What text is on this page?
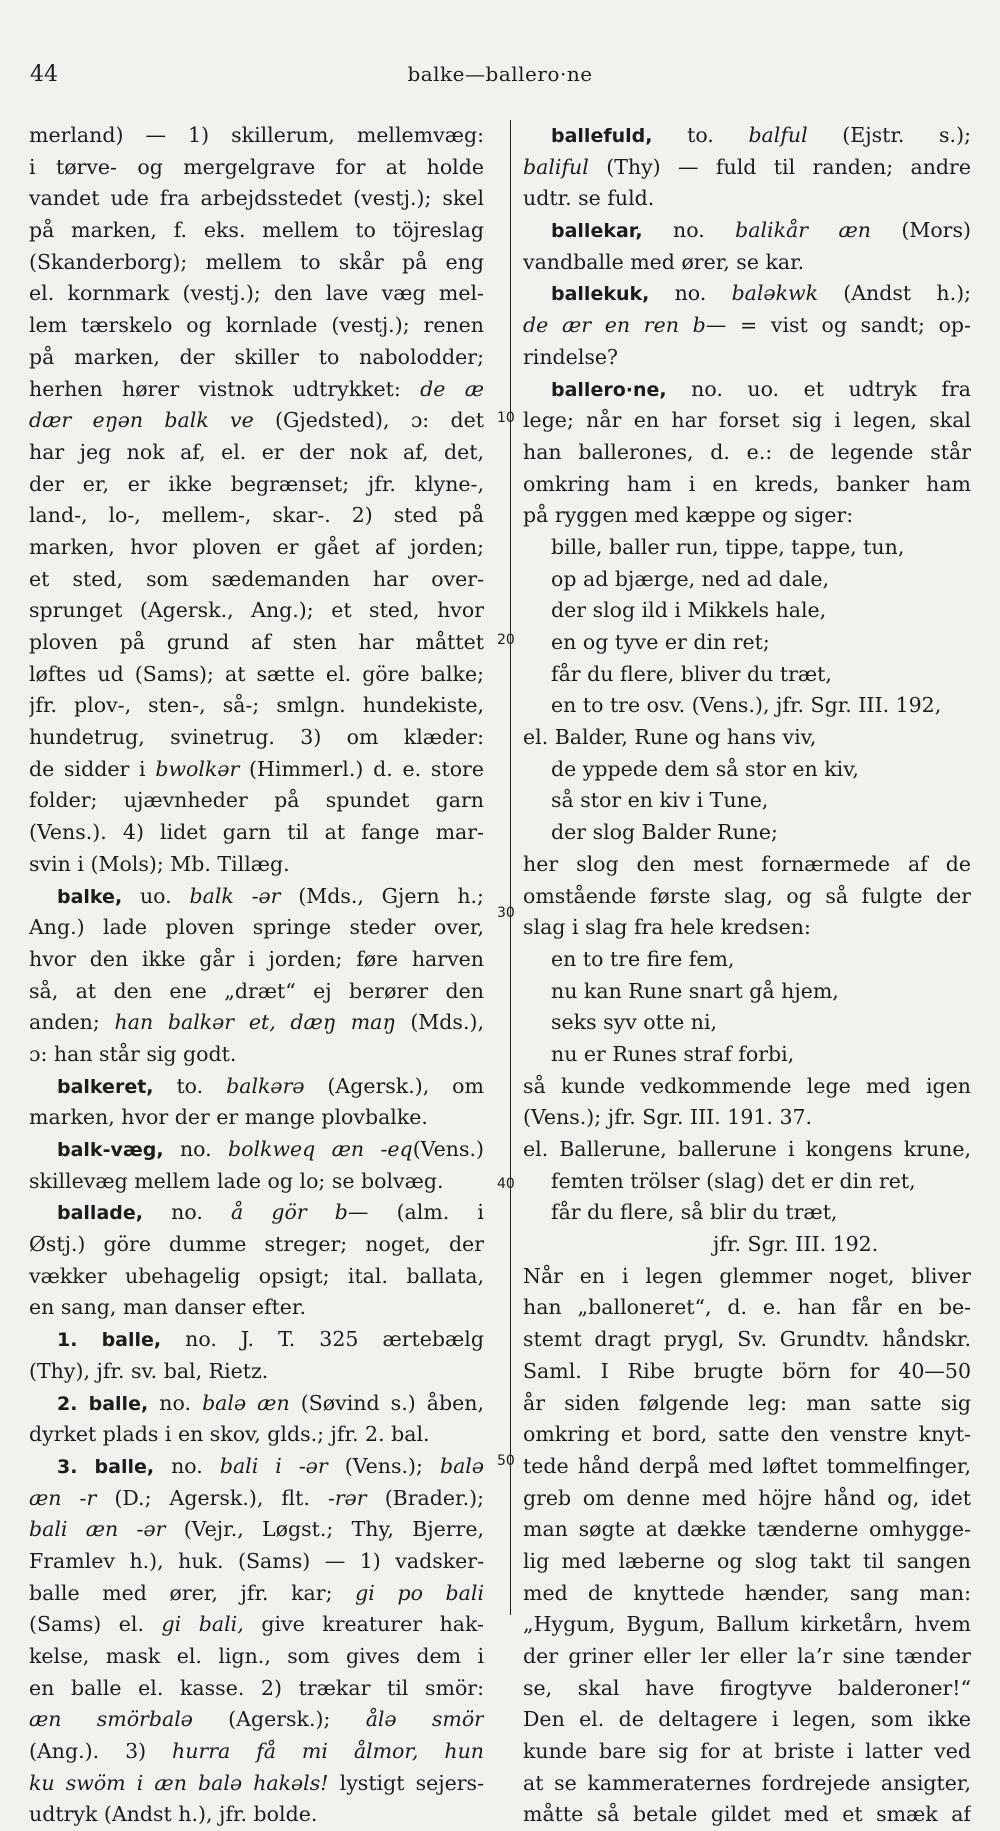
44	balke—ballero·ne
10
20
30
40
50
merland) — 1) skillerum, mellemvæg:
i tørve- og mergelgrave for at holde
vandet ude fra arbejdsstedet (vestj.); skel
på marken, f. eks. mellem to töjreslag
(Skanderborg); mellem to skår på eng
el. kornmark (vestj.); den lave væg mel-
lem tærskelo og kornlade (vestj.); renen
på marken, der skiller to nabolodder;
herhen hører vistnok udtrykket: de æ
dær eŋən balk ve (Gjedsted), ɔ: det
har jeg nok af, el. er der nok af, det,
der er, er ikke begrænset; jfr. klyne-,
land-, lo-, mellem-, skar-. 2) sted på
marken, hvor ploven er gået af jorden;
et sted, som sædemanden har over-
sprunget (Agersk., Ang.); et sted, hvor
ploven på grund af sten har måttet
løftes ud (Sams); at sætte el. göre balke;
jfr. plov-, sten-, så-; smlgn. hundekiste,
hundetrug, svinetrug. 3) om klæder:
de sidder i bwolkər (Himmerl.) d. e. store
folder; ujævnheder på spundet garn
(Vens.). 4) lidet garn til at fange mar-
svin i (Mols); Mb. Tillæg.
balke, uo. balk -ər (Mds., Gjern h.;
Ang.) lade ploven springe steder over,
hvor den ikke går i jorden; føre harven
så, at den ene „dræt“ ej berører den
anden; han balkər et, dæŋ maŋ (Mds.),
ɔ: han står sig godt.
balkeret, to. balkərə (Agersk.), om
marken, hvor der er mange plovbalke.
balk-væg, no. bolkweq æn -eq(Vens.)
skillevæg mellem lade og lo; se bolvæg.
ballade, no. å gör b— (alm. i
Østj.) göre dumme streger; noget, der
vækker ubehagelig opsigt; ital. ballata,
en sang, man danser efter.
1. balle, no. J. T. 325 ærtebælg
(Thy), jfr. sv. bal, Rietz.
2. balle, no. balə æn (Søvind s.) åben,
dyrket plads i en skov, glds.; jfr. 2. bal.
3. balle, no. bali i -ər (Vens.); balə
æn -r (D.; Agersk.), flt. -rər (Brader.);
bali æn -ər (Vejr., Løgst.; Thy, Bjerre,
Framlev h.), huk. (Sams) — 1) vadsker-
balle med ører, jfr. kar; gi po bali
(Sams) el. gi bali, give kreaturer hak-
kelse, mask el. lign., som gives dem i
en balle el. kasse. 2) trækar til smör:
æn smörbalə (Agersk.); ålə smör
(Ang.). 3) hurra få mi ålmor, hun
ku swöm i æn balə hakəls! lystigt sejers-
udtryk (Andst h.), jfr. bolde.
ballefuld, to. balful (Ejstr. s.);
baliful (Thy) — fuld til randen; andre
udtr. se fuld.
ballekar, no. balikår æn (Mors)
vandballe med ører, se kar.
ballekuk, no. baləkwk (Andst h.);
de ær en ren b— = vist og sandt; op-
rindelse?
ballero·ne, no. uo. et udtryk fra
lege; når en har forset sig i legen, skal
han ballerones, d. e.: de legende står
omkring ham i en kreds, banker ham
på ryggen med kæppe og siger:
bille, baller run, tippe, tappe, tun,
op ad bjærge, ned ad dale,
der slog ild i Mikkels hale,
en og tyve er din ret;
får du flere, bliver du træt,
en to tre osv. (Vens.), jfr. Sgr. III. 192,
el. Balder, Rune og hans viv,
de yppede dem så stor en kiv,
så stor en kiv i Tune,
der slog Balder Rune;
her slog den mest fornærmede af de
omstående første slag, og så fulgte der
slag i slag fra hele kredsen:
en to tre fire fem,
nu kan Rune snart gå hjem,
seks syv otte ni,
nu er Runes straf forbi,
så kunde vedkommende lege med igen
(Vens.); jfr. Sgr. III. 191. 37.
el. Ballerune, ballerune i kongens krune,
femten trölser (slag) det er din ret,
får du flere, så blir du træt,
jfr. Sgr. III. 192.
Når en i legen glemmer noget, bliver
han „balloneret“, d. e. han får en be-
stemt dragt prygl, Sv. Grundtv. håndskr.
Saml. I Ribe brugte börn for 40—50
år siden følgende leg: man satte sig
omkring et bord, satte den venstre knyt-
tede hånd derpå med løftet tommelfinger,
greb om denne med höjre hånd og, idet
man søgte at dække tænderne omhygge-
lig med læberne og slog takt til sangen
med de knyttede hænder, sang man:
„Hygum, Bygum, Ballum kirketårn, hvem
der griner eller ler eller la’r sine tænder
se, skal have firogtyve balderoner!“
Den el. de deltagere i legen, som ikke
kunde bare sig for at briste i latter ved
at se kammeraternes fordrejede ansigter,
måtte så betale gildet med et smæk af
